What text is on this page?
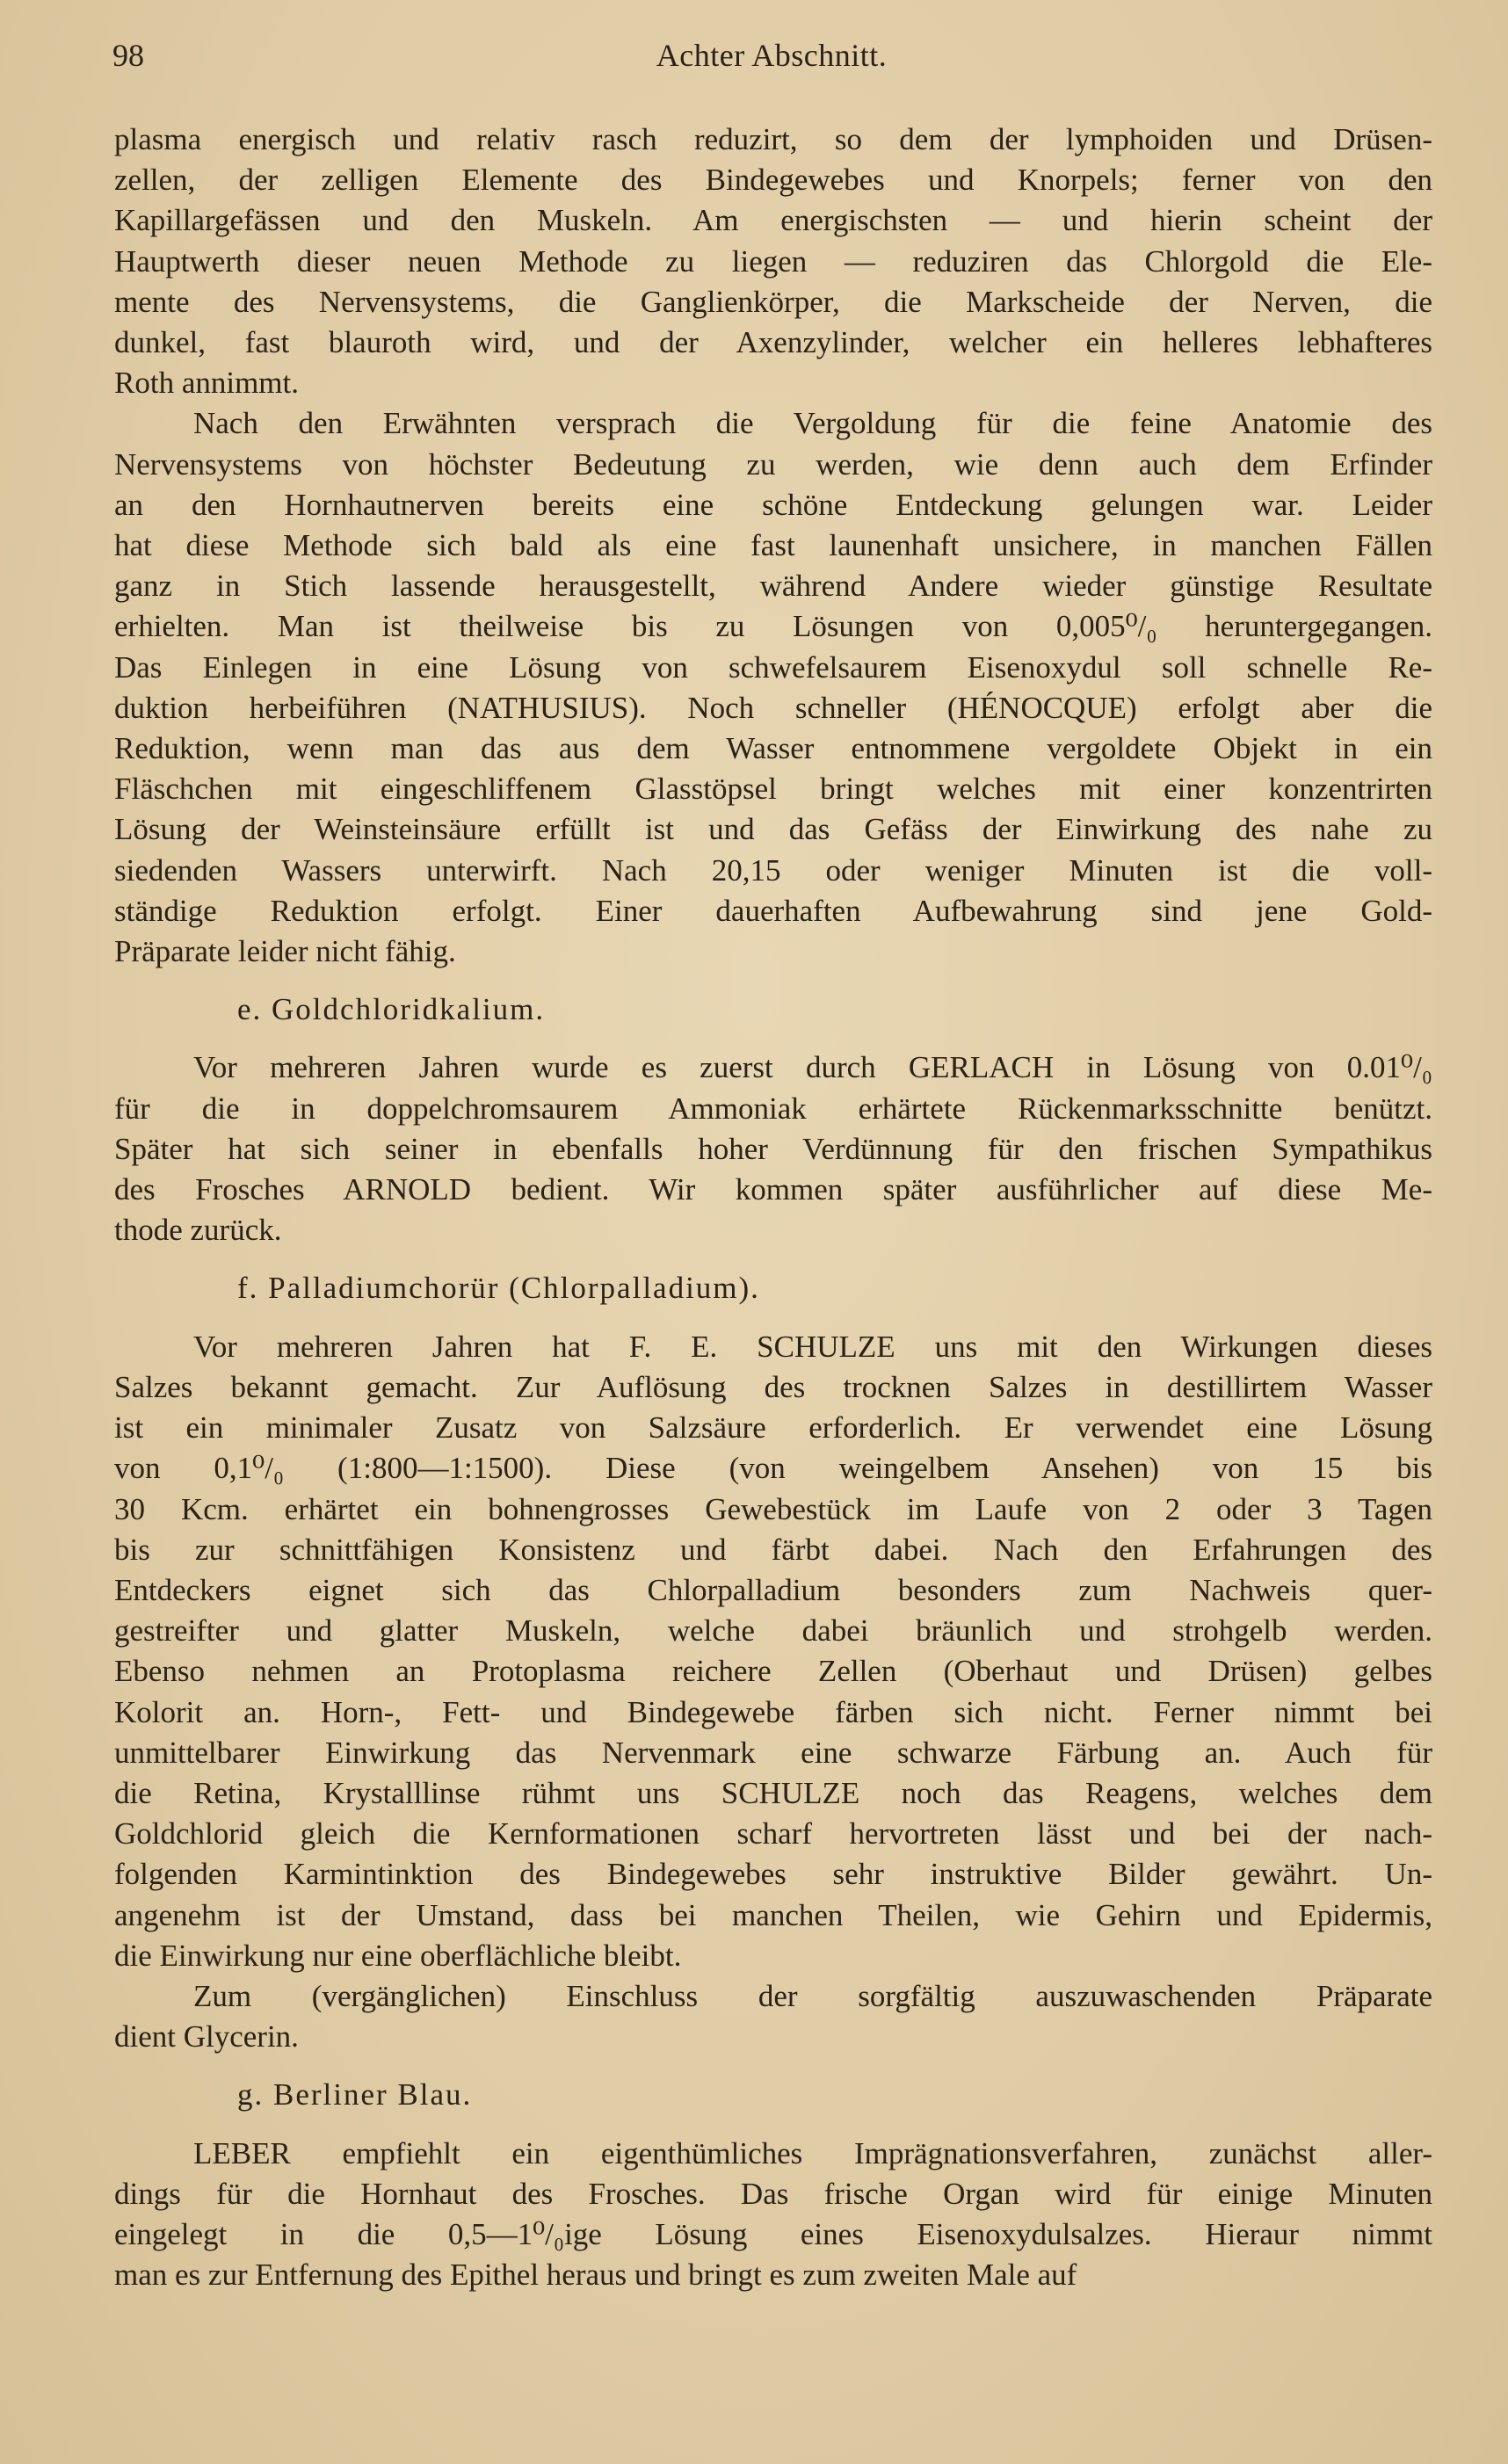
98	Achter Abschnitt.
plasma energisch und relativ rasch reduzirt, so dem der lymphoiden und Drüsen-
zellen, der zelligen Elemente des Bindegewebes und Knorpels; ferner von den
Kapillargefässen und den Muskeln. Am energischsten — und hierin scheint der
Hauptwerth dieser neuen Methode zu liegen — reduziren das Chlorgold die Ele-
mente des Nervensystems, die Ganglienkörper, die Markscheide der Nerven, die
dunkel, fast blauroth wird, und der Axenzylinder, welcher ein helleres lebhafteres
Roth annimmt.
Nach den Erwähnten versprach die Vergoldung für die feine Anatomie des
Nervensystems von höchster Bedeutung zu werden, wie denn auch dem Erfinder
an den Hornhautnerven bereits eine schöne Entdeckung gelungen war. Leider
hat diese Methode sich bald als eine fast launenhaft unsichere, in manchen Fällen
ganz in Stich lassende herausgestellt, während Andere wieder günstige Resultate
erhielten. Man ist theilweise bis zu Lösungen von 0,005⁰/₀ heruntergegangen.
Das Einlegen in eine Lösung von schwefelsaurem Eisenoxydul soll schnelle Re-
duktion herbeiführen (NATHUSIUS). Noch schneller (HÉNOCQUE) erfolgt aber die
Reduktion, wenn man das aus dem Wasser entnommene vergoldete Objekt in ein
Fläschchen mit eingeschliffenem Glasstöpsel bringt welches mit einer konzentrirten
Lösung der Weinsteinsäure erfüllt ist und das Gefäss der Einwirkung des nahe zu
siedenden Wassers unterwirft. Nach 20,15 oder weniger Minuten ist die voll-
ständige Reduktion erfolgt. Einer dauerhaften Aufbewahrung sind jene Gold-
Präparate leider nicht fähig.
e. Goldchloridkalium.
Vor mehreren Jahren wurde es zuerst durch GERLACH in Lösung von 0.01⁰/₀
für die in doppelchromsaurem Ammoniak erhärtete Rückenmarksschnitte benützt.
Später hat sich seiner in ebenfalls hoher Verdünnung für den frischen Sympathikus
des Frosches ARNOLD bedient. Wir kommen später ausführlicher auf diese Me-
thode zurück.
f. Palladiumchorür (Chlorpalladium).
Vor mehreren Jahren hat F. E. SCHULZE uns mit den Wirkungen dieses
Salzes bekannt gemacht. Zur Auflösung des trocknen Salzes in destillirtem Wasser
ist ein minimaler Zusatz von Salzsäure erforderlich. Er verwendet eine Lösung
von 0,1⁰/₀ (1:800—1:1500). Diese (von weingelbem Ansehen) von 15 bis
30 Kcm. erhärtet ein bohnengrosses Gewebestück im Laufe von 2 oder 3 Tagen
bis zur schnittfähigen Konsistenz und färbt dabei. Nach den Erfahrungen des
Entdeckers eignet sich das Chlorpalladium besonders zum Nachweis quer-
gestreifter und glatter Muskeln, welche dabei bräunlich und strohgelb werden.
Ebenso nehmen an Protoplasma reichere Zellen (Oberhaut und Drüsen) gelbes
Kolorit an. Horn-, Fett- und Bindegewebe färben sich nicht. Ferner nimmt bei
unmittelbarer Einwirkung das Nervenmark eine schwarze Färbung an. Auch für
die Retina, Krystalllinse rühmt uns SCHULZE noch das Reagens, welches dem
Goldchlorid gleich die Kernformationen scharf hervortreten lässt und bei der nach-
folgenden Karmintinktion des Bindegewebes sehr instruktive Bilder gewährt. Un-
angenehm ist der Umstand, dass bei manchen Theilen, wie Gehirn und Epidermis,
die Einwirkung nur eine oberflächliche bleibt.
Zum (vergänglichen) Einschluss der sorgfältig auszuwaschenden Präparate
dient Glycerin.
g. Berliner Blau.
LEBER empfiehlt ein eigenthümliches Imprägnationsverfahren, zunächst aller-
dings für die Hornhaut des Frosches. Das frische Organ wird für einige Minuten
eingelegt in die 0,5—1⁰/₀ige Lösung eines Eisenoxydulsalzes. Hieraur nimmt
man es zur Entfernung des Epithel heraus und bringt es zum zweiten Male auf
